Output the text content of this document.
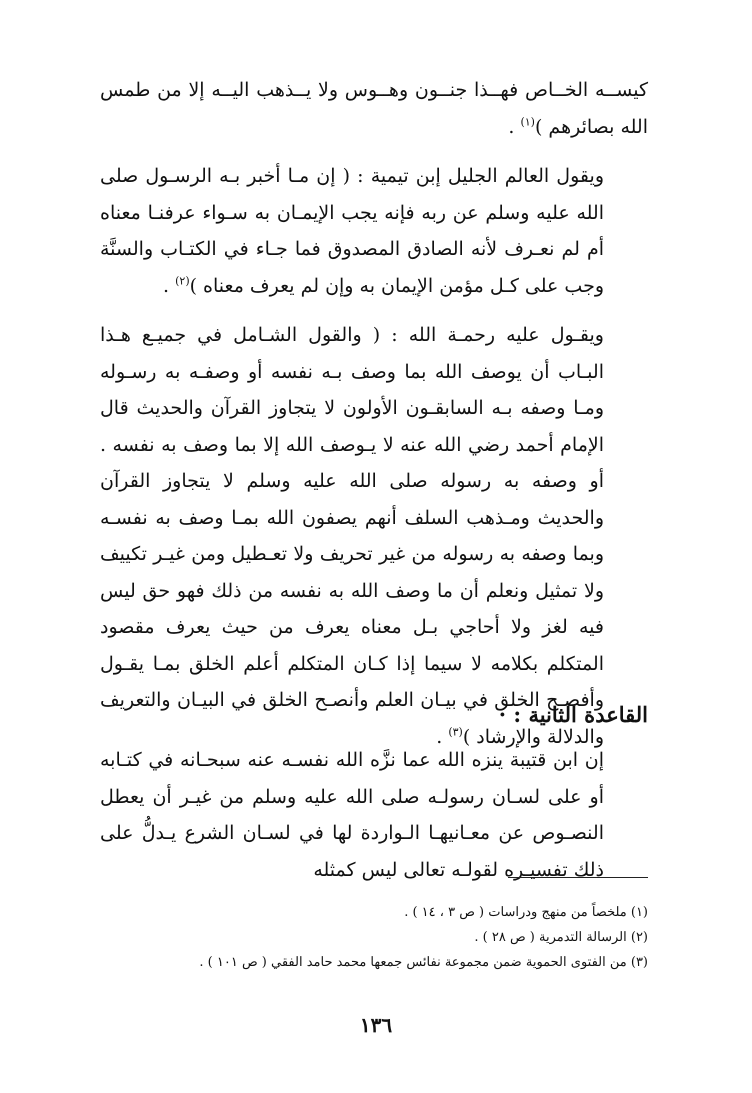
كيســه الخــاص فهــذا جنــون وهــوس ولا يــذهب اليــه إلا من طمس الله بصائرهم )$^{(١)}$ .

ويقول العالم الجليل إبن تيمية : ( إن مـا أخبر بـه الرسـول صلى الله عليه وسلم عن ربه فإنه يجب الإيمـان به سـواء عرفنـا معناه أم لم نعـرف لأنه الصادق المصدوق فما جـاء في الكتـاب والسنَّة وجب على كـل مؤمن الإيمان به وإن لم يعرف معناه )$^{(٢)}$ .

ويقـول عليه رحمـة الله : ( والقول الشـامل في جميـع هـذا البـاب أن يوصف الله بما وصف بـه نفسه أو وصفـه به رسـوله ومـا وصفه بـه السابقـون الأولون لا يتجاوز القرآن والحديث قال الإمام أحمد رضي الله عنه لا يـوصف الله إلا بما وصف به نفسه . أو وصفه به رسوله صلى الله عليه وسلم لا يتجاوز القرآن والحديث ومـذهب السلف أنهم يصفون الله بمـا وصف به نفسـه وبما وصفه به رسوله من غير تحريف ولا تعـطيل ومن غيـر تكييف ولا تمثيل ونعلم أن ما وصف الله به نفسه من ذلك فهو حق ليس فيه لغز ولا أحاجي بـل معناه يعرف من حيث يعرف مقصود المتكلم بكلامه لا سيما إذا كـان المتكلم أعلم الخلق بمـا يقـول وأفصـح الخلق في بيـان العلم وأنصـح الخلق في البيـان والتعريف والدلالة والإرشاد )$^{(٣)}$ .

القاعدة الثانية : ·

إن ابن قتيبة ينزه الله عما نزَّه الله نفسـه عنه سبحـانه في كتـابه أو على لسـان رسولـه صلى الله عليه وسلم من غيـر أن يعطل النصـوص عن معـانيهـا الـواردة لها في لسـان الشرع يـدلُّ على ذلك تفسيـره لقولـه تعالى ليس كمثله

(١) ملخصاً من منهج ودراسات ( ص ٣ ، ١٤ ) .
(٢) الرسالة التدمرية ( ص ٢٨ ) .
(٣) من الفتوى الحموية ضمن مجموعة نفائس جمعها محمد حامد الفقي ( ص ١٠١ ) .
١٣٦
